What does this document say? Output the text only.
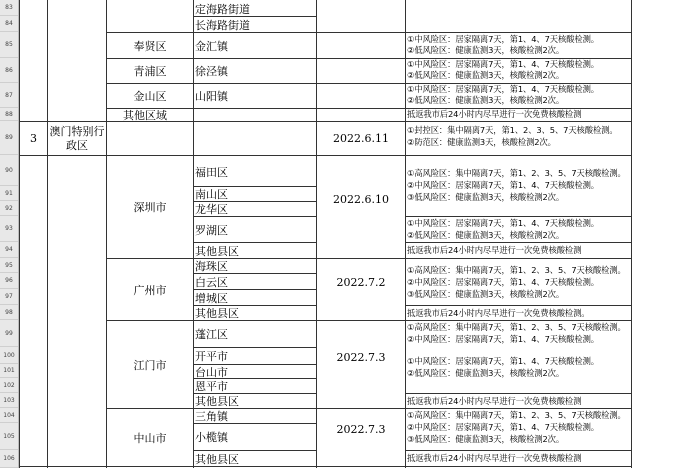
83
84
85
86
87
88
89
90
91
92
93
94
95
96
97
98
99
100
101
102
103
104
105
106
3
澳门特别行政区
奉贤区
青浦区
金山区
其他区域
深圳市
广州市
江门市
中山市
定海路街道
长海路街道
金汇镇
徐泾镇
山阳镇
福田区
南山区
龙华区
罗湖区
其他县区
海珠区
白云区
增城区
其他县区
蓬江区
开平市
台山市
恩平市
其他县区
三角镇
小榄镇
其他县区
2022.6.11
2022.6.10
2022.7.2
2022.7.3
2022.7.3
①中风险区：居家隔离7天，第1、4、7天核酸检测。
②低风险区：健康监测3天，核酸检测2次。
①中风险区：居家隔离7天，第1、4、7天核酸检测。
②低风险区：健康监测3天，核酸检测2次。
①中风险区：居家隔离7天，第1、4、7天核酸检测。
②低风险区：健康监测3天，核酸检测2次。
抵返我市后24小时内尽早进行一次免费核酸检测
①封控区：集中隔离7天，第1、2、3、5、7天核酸检测。
②防范区：健康监测3天，核酸检测2次。
①高风险区：集中隔离7天，第1、2、3、5、7天核酸检测。
②中风险区：居家隔离7天，第1、4、7天核酸检测。
③低风险区：健康监测3天，核酸检测2次。
①中风险区：居家隔离7天，第1、4、7天核酸检测。
②低风险区：健康监测3天，核酸检测2次。
抵返我市后24小时内尽早进行一次免费核酸检测
①高风险区：集中隔离7天，第1、2、3、5、7天核酸检测。
②中风险区：居家隔离7天，第1、4、7天核酸检测。
③低风险区：健康监测3天，核酸检测2次。
抵返我市后24小时内尽早进行一次免费核酸检测。
①高风险区：集中隔离7天，第1、2、3、5、7天核酸检测。
②中风险区：居家隔离7天，第1、4、7天核酸检测。
①中风险区：居家隔离7天，第1、4、7天核酸检测。
②低风险区：健康监测3天，核酸检测2次。
抵返我市后24小时内尽早进行一次免费核酸检测
①高风险区：集中隔离7天，第1、2、3、5、7天核酸检测。
②中风险区：居家隔离7天，第1、4、7天核酸检测。
③低风险区：健康监测3天，核酸检测2次。
抵返我市后24小时内尽早进行一次免费核酸检测
